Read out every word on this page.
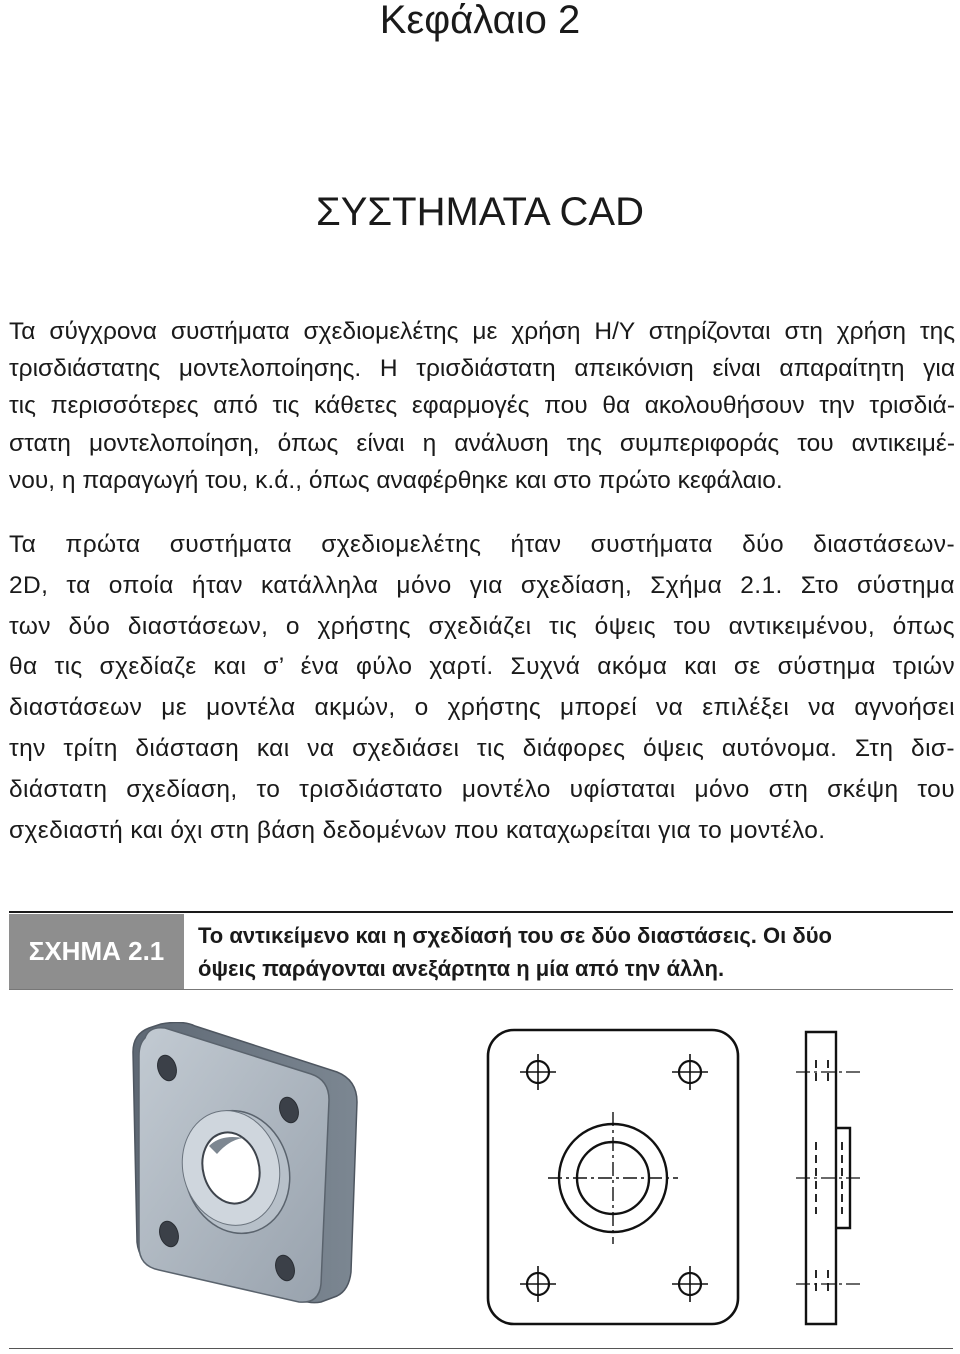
Κεφάλαιο 2
ΣΥΣΤΗΜΑΤΑ CAD

Τα σύγχρονα συστήματα σχεδιομελέτης με χρήση Η/Υ στηρίζονται στη χρήση της
τρισδιάστατης μοντελοποίησης. Η τρισδιάστατη απεικόνιση είναι απαραίτητη για
τις περισσότερες από τις κάθετες εφαρμογές που θα ακολουθήσουν την τρισδιά-
στατη μοντελοποίηση, όπως είναι η ανάλυση της συμπεριφοράς του αντικειμέ-
νου, η παραγωγή του, κ.ά., όπως αναφέρθηκε και στο πρώτο κεφάλαιο.

Τα πρώτα συστήματα σχεδιομελέτης ήταν συστήματα δύο διαστάσεων-
2D, τα οποία ήταν κατάλληλα μόνο για σχεδίαση, Σχήμα 2.1. Στο σύστημα
των δύο διαστάσεων, ο χρήστης σχεδιάζει τις όψεις του αντικειμένου, όπως
θα τις σχεδίαζε και σ’ ένα φύλο χαρτί. Συχνά ακόμα και σε σύστημα τριών
διαστάσεων με μοντέλα ακμών, ο χρήστης μπορεί να επιλέξει να αγνοήσει
την τρίτη διάσταση και να σχεδιάσει τις διάφορες όψεις αυτόνομα. Στη δισ-
διάστατη σχεδίαση, το τρισδιάστατο μοντέλο υφίσταται μόνο στη σκέψη του
σχεδιαστή και όχι στη βάση δεδομένων που καταχωρείται για το μοντέλο.

ΣΧΗΜΑ 2.1
Το αντικείμενο και η σχεδίασή του σε δύο διαστάσεις. Οι δύο
όψεις παράγονται ανεξάρτητα η μία από την άλλη.
